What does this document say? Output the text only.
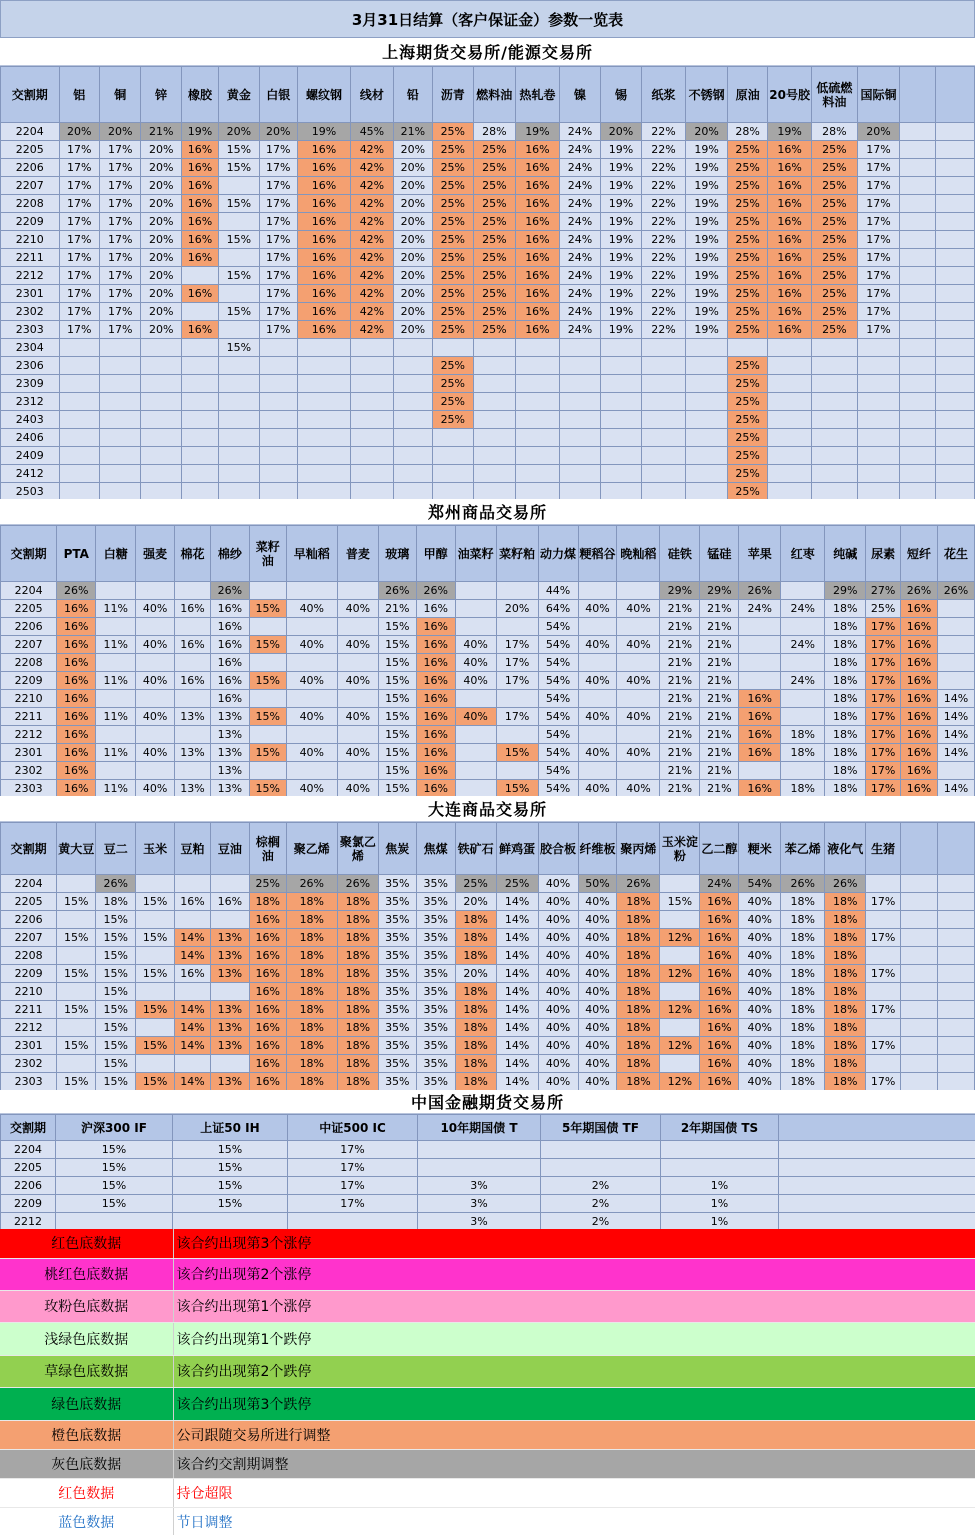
3月31日结算（客户保证金）参数一览表
上海期货交易所/能源交易所
交割期	铝	铜	锌	橡胶	黄金	白银	螺纹钢	线材	铅	沥青	燃料油	热轧卷	镍	锡	纸浆	不锈钢	原油	20号胶	低硫燃料油	国际铜		
2204	20%	20%	21%	19%	20%	20%	19%	45%	21%	25%	28%	19%	24%	20%	22%	20%	28%	19%	28%	20%		
2205	17%	17%	20%	16%	15%	17%	16%	42%	20%	25%	25%	16%	24%	19%	22%	19%	25%	16%	25%	17%		
2206	17%	17%	20%	16%	15%	17%	16%	42%	20%	25%	25%	16%	24%	19%	22%	19%	25%	16%	25%	17%		
2207	17%	17%	20%	16%		17%	16%	42%	20%	25%	25%	16%	24%	19%	22%	19%	25%	16%	25%	17%		
2208	17%	17%	20%	16%	15%	17%	16%	42%	20%	25%	25%	16%	24%	19%	22%	19%	25%	16%	25%	17%		
2209	17%	17%	20%	16%		17%	16%	42%	20%	25%	25%	16%	24%	19%	22%	19%	25%	16%	25%	17%		
2210	17%	17%	20%	16%	15%	17%	16%	42%	20%	25%	25%	16%	24%	19%	22%	19%	25%	16%	25%	17%		
2211	17%	17%	20%	16%		17%	16%	42%	20%	25%	25%	16%	24%	19%	22%	19%	25%	16%	25%	17%		
2212	17%	17%	20%		15%	17%	16%	42%	20%	25%	25%	16%	24%	19%	22%	19%	25%	16%	25%	17%		
2301	17%	17%	20%	16%		17%	16%	42%	20%	25%	25%	16%	24%	19%	22%	19%	25%	16%	25%	17%		
2302	17%	17%	20%		15%	17%	16%	42%	20%	25%	25%	16%	24%	19%	22%	19%	25%	16%	25%	17%		
2303	17%	17%	20%	16%		17%	16%	42%	20%	25%	25%	16%	24%	19%	22%	19%	25%	16%	25%	17%		
2304					15%																	
2306										25%							25%					
2309										25%							25%					
2312										25%							25%					
2403										25%							25%					
2406																	25%					
2409																	25%					
2412																	25%					
2503																	25%					
郑州商品交易所
交割期	PTA	白糖	强麦	棉花	棉纱	菜籽油	早籼稻	普麦	玻璃	甲醇	油菜籽	菜籽粕	动力煤	粳稻谷	晚籼稻	硅铁	锰硅	苹果	红枣	纯碱	尿素	短纤	花生
2204	26%				26%				26%	26%			44%			29%	29%	26%		29%	27%	26%	26%
2205	16%	11%	40%	16%	16%	15%	40%	40%	21%	16%		20%	64%	40%	40%	21%	21%	24%	24%	18%	25%	16%	
2206	16%				16%				15%	16%			54%			21%	21%			18%	17%	16%	
2207	16%	11%	40%	16%	16%	15%	40%	40%	15%	16%	40%	17%	54%	40%	40%	21%	21%		24%	18%	17%	16%	
2208	16%				16%				15%	16%	40%	17%	54%			21%	21%			18%	17%	16%	
2209	16%	11%	40%	16%	16%	15%	40%	40%	15%	16%	40%	17%	54%	40%	40%	21%	21%		24%	18%	17%	16%	
2210	16%				16%				15%	16%			54%			21%	21%	16%		18%	17%	16%	14%
2211	16%	11%	40%	13%	13%	15%	40%	40%	15%	16%	40%	17%	54%	40%	40%	21%	21%	16%		18%	17%	16%	14%
2212	16%				13%				15%	16%			54%			21%	21%	16%	18%	18%	17%	16%	14%
2301	16%	11%	40%	13%	13%	15%	40%	40%	15%	16%		15%	54%	40%	40%	21%	21%	16%	18%	18%	17%	16%	14%
2302	16%				13%				15%	16%			54%			21%	21%			18%	17%	16%	
2303	16%	11%	40%	13%	13%	15%	40%	40%	15%	16%		15%	54%	40%	40%	21%	21%	16%	18%	18%	17%	16%	14%
大连商品交易所
交割期	黄大豆	豆二	玉米	豆粕	豆油	棕榈油	聚乙烯	聚氯乙烯	焦炭	焦煤	铁矿石	鲜鸡蛋	胶合板	纤维板	聚丙烯	玉米淀粉	乙二醇	粳米	苯乙烯	液化气	生猪		
2204		26%				25%	26%	26%	35%	35%	25%	25%	40%	50%	26%		24%	54%	26%	26%			
2205	15%	18%	15%	16%	16%	18%	18%	18%	35%	35%	20%	14%	40%	40%	18%	15%	16%	40%	18%	18%	17%		
2206		15%				16%	18%	18%	35%	35%	18%	14%	40%	40%	18%		16%	40%	18%	18%			
2207	15%	15%	15%	14%	13%	16%	18%	18%	35%	35%	18%	14%	40%	40%	18%	12%	16%	40%	18%	18%	17%		
2208		15%		14%	13%	16%	18%	18%	35%	35%	18%	14%	40%	40%	18%		16%	40%	18%	18%			
2209	15%	15%	15%	16%	13%	16%	18%	18%	35%	35%	20%	14%	40%	40%	18%	12%	16%	40%	18%	18%	17%		
2210		15%				16%	18%	18%	35%	35%	18%	14%	40%	40%	18%		16%	40%	18%	18%			
2211	15%	15%	15%	14%	13%	16%	18%	18%	35%	35%	18%	14%	40%	40%	18%	12%	16%	40%	18%	18%	17%		
2212		15%		14%	13%	16%	18%	18%	35%	35%	18%	14%	40%	40%	18%		16%	40%	18%	18%			
2301	15%	15%	15%	14%	13%	16%	18%	18%	35%	35%	18%	14%	40%	40%	18%	12%	16%	40%	18%	18%	17%		
2302		15%				16%	18%	18%	35%	35%	18%	14%	40%	40%	18%		16%	40%	18%	18%			
2303	15%	15%	15%	14%	13%	16%	18%	18%	35%	35%	18%	14%	40%	40%	18%	12%	16%	40%	18%	18%	17%		
中国金融期货交易所
交割期	沪深300 IF	上证50 IH	中证500 IC	10年期国债 T	5年期国债 TF	2年期国债 TS	
2204	15%	15%	17%				
2205	15%	15%	17%				
2206	15%	15%	17%	3%	2%	1%	
2209	15%	15%	17%	3%	2%	1%	
2212				3%	2%	1%	
红色底数据	该合约出现第3个涨停
桃红色底数据	该合约出现第2个涨停
玫粉色底数据	该合约出现第1个涨停
浅绿色底数据	该合约出现第1个跌停
草绿色底数据	该合约出现第2个跌停
绿色底数据	该合约出现第3个跌停
橙色底数据	公司跟随交易所进行调整
灰色底数据	该合约交割期调整
红色数据	持仓超限
蓝色数据	节日调整
